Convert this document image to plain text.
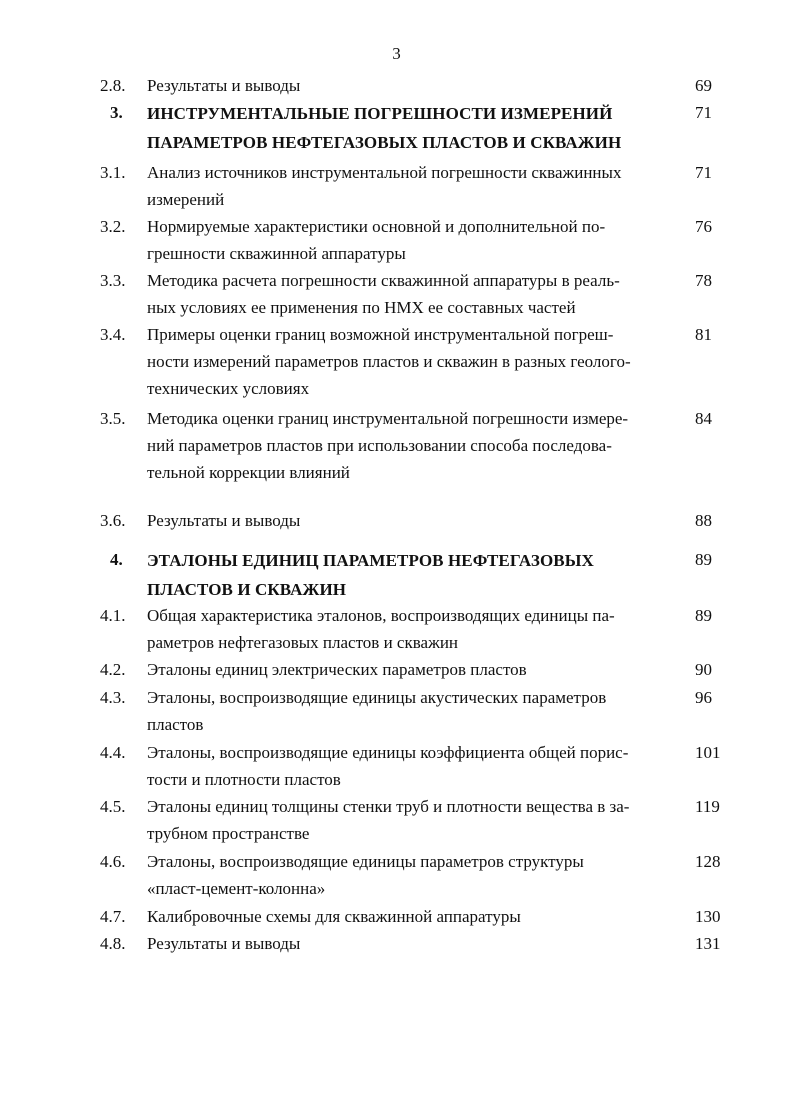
3
2.8.	Результаты и выводы	69
3.	ИНСТРУМЕНТАЛЬНЫЕ ПОГРЕШНОСТИ ИЗМЕРЕНИЙ
ПАРАМЕТРОВ НЕФТЕГАЗОВЫХ ПЛАСТОВ И СКВАЖИН
71
3.1.	Анализ источников инструментальной погрешности скважинных
измерений
71
3.2.	Нормируемые характеристики основной и дополнительной по-
грешности скважинной аппаратуры
76
3.3.	Методика расчета погрешности скважинной аппаратуры в реаль-
ных условиях ее применения по НМХ ее составных частей
78
3.4.	Примеры оценки границ возможной инструментальной погреш-
ности измерений параметров пластов и скважин в разных геолого-
технических условиях
81
3.5.	Методика оценки границ инструментальной погрешности измере-
ний параметров пластов при использовании способа последова-
тельной коррекции влияний
84
3.6.	Результаты и выводы	88
4.	ЭТАЛОНЫ ЕДИНИЦ ПАРАМЕТРОВ НЕФТЕГАЗОВЫХ
ПЛАСТОВ И СКВАЖИН
89
4.1.	Общая характеристика эталонов, воспроизводящих единицы па-
раметров нефтегазовых пластов и скважин
89
4.2.	Эталоны единиц электрических параметров пластов	90
4.3.	Эталоны, воспроизводящие единицы акустических параметров
пластов
96
4.4.	Эталоны, воспроизводящие единицы коэффициента общей порис-
тости и плотности пластов
101
4.5.	Эталоны единиц толщины стенки труб и плотности вещества в за-
трубном пространстве
119
4.6.	Эталоны, воспроизводящие единицы параметров структуры
«пласт-цемент-колонна»
128
4.7.	Калибровочные схемы для скважинной аппаратуры	130
4.8.	Результаты и выводы	131
